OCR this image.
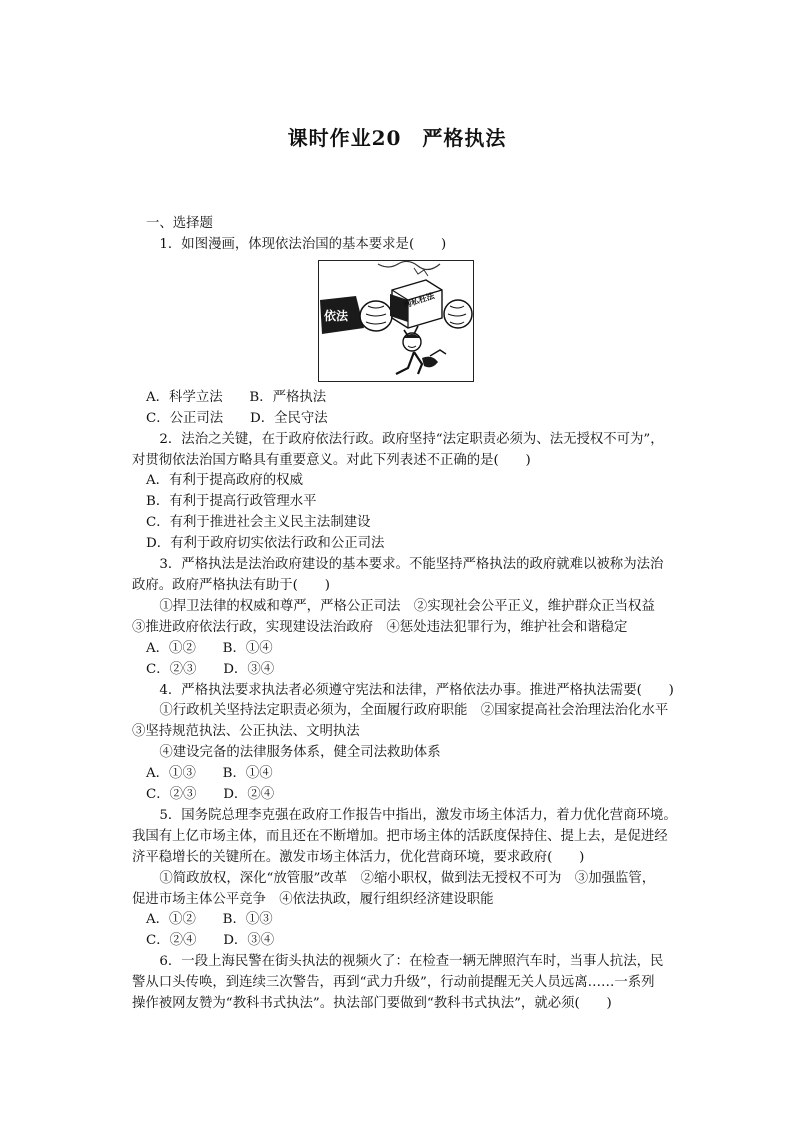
课时作业20　严格执法

一、选择题

　1．如图漫画，体现依法治国的基本要求是(　　)

依法
徇私枉法

A．科学立法　　B．严格执法

C．公正司法　　D．全民守法

　2．法治之关键，在于政府依法行政。政府坚持“法定职责必须为、法无授权不可为”，

对贯彻依法治国方略具有重要意义。对此下列表述不正确的是(　　)

A．有利于提高政府的权威

B．有利于提高行政管理水平

C．有利于推进社会主义民主法制建设

D．有利于政府切实依法行政和公正司法

　3．严格执法是法治政府建设的基本要求。不能坚持严格执法的政府就难以被称为法治

政府。政府严格执法有助于(　　)

　①捍卫法律的权威和尊严，严格公正司法　②实现社会公平正义，维护群众正当权益

③推进政府依法行政，实现建设法治政府　④惩处违法犯罪行为，维护社会和谐稳定

A．①②　　B．①④

C．②③　　D．③④

　4．严格执法要求执法者必须遵守宪法和法律，严格依法办事。推进严格执法需要(　　)

　①行政机关坚持法定职责必须为，全面履行政府职能　②国家提高社会治理法治化水平

③坚持规范执法、公正执法、文明执法

　④建设完备的法律服务体系，健全司法救助体系

A．①③　　B．①④

C．②③　　D．②④

　5．国务院总理李克强在政府工作报告中指出，激发市场主体活力，着力优化营商环境。

我国有上亿市场主体，而且还在不断增加。把市场主体的活跃度保持住、提上去，是促进经

济平稳增长的关键所在。激发市场主体活力，优化营商环境，要求政府(　　)

　①简政放权，深化“放管服”改革　②缩小职权，做到法无授权不可为　③加强监管，

促进市场主体公平竞争　④依法执政，履行组织经济建设职能

A．①②　　B．①③

C．②④　　D．③④

　6．一段上海民警在街头执法的视频火了：在检查一辆无牌照汽车时，当事人抗法，民

警从口头传唤，到连续三次警告，再到“武力升级”，行动前提醒无关人员远离……一系列

操作被网友赞为“教科书式执法”。执法部门要做到“教科书式执法”，就必须(　　)
